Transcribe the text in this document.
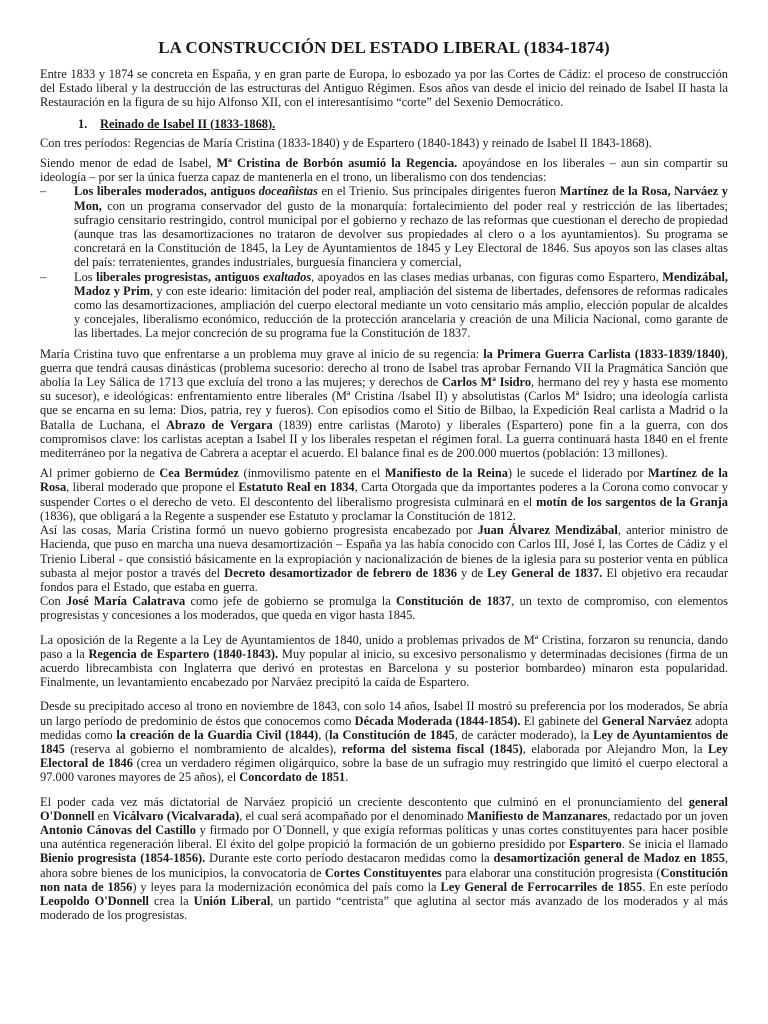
LA CONSTRUCCIÓN DEL ESTADO LIBERAL (1834-1874)

Entre 1833 y 1874 se concreta en España, y en gran parte de Europa, lo esbozado ya por las Cortes de Cádiz: el proceso de construcción del Estado liberal y la destrucción de las estructuras del Antiguo Régimen. Esos años van desde el inicio del reinado de Isabel II hasta la Restauración en la figura de su hijo Alfonso XII, con el interesantísimo “corte” del Sexenio Democrático.

1. Reinado de Isabel II (1833-1868).

Con tres períodos: Regencias de María Cristina (1833-1840) y de Espartero (1840-1843) y reinado de Isabel II 1843-1868).

Siendo menor de edad de Isabel, Mª Cristina de Borbón asumió la Regencia. apoyándose en los liberales – aun sin compartir su ideología – por ser la única fuerza capaz de mantenerla en el trono, un liberalismo con dos tendencias:

– Los liberales moderados, antiguos doceañistas en el Trienio. Sus principales dirigentes fueron Martínez de la Rosa, Narváez y Mon, con un programa conservador del gusto de la monarquía: fortalecimiento del poder real y restricción de las libertades; sufragio censitario restringido, control municipal por el gobierno y rechazo de las reformas que cuestionan el derecho de propiedad (aunque tras las desamortizaciones no trataron de devolver sus propiedades al clero o a los ayuntamientos). Su programa se concretará en la Constitución de 1845, la Ley de Ayuntamientos de 1845 y Ley Electoral de 1846. Sus apoyos son las clases altas del país: terratenientes, grandes industriales, burguesía financiera y comercial,
– Los liberales progresistas, antiguos exaltados, apoyados en las clases medias urbanas, con figuras como Espartero, Mendizábal, Madoz y Prim, y con este ideario: limitación del poder real, ampliación del sistema de libertades, defensores de reformas radicales como las desamortizaciones, ampliación del cuerpo electoral mediante un voto censitario más amplio, elección popular de alcaldes y concejales, liberalismo económico, reducción de la protección arancelaria y creación de una Milicia Nacional, como garante de las libertades. La mejor concreción de su programa fue la Constitución de 1837.

María Cristina tuvo que enfrentarse a un problema muy grave al inicio de su regencia: la Primera Guerra Carlista (1833-1839/1840), guerra que tendrá causas dinásticas (problema sucesorio: derecho al trono de Isabel tras aprobar Fernando VII la Pragmática Sanción que abolía la Ley Sálica de 1713 que excluía del trono a las mujeres; y derechos de Carlos Mª Isidro, hermano del rey y hasta ese momento su sucesor), e ideológicas: enfrentamiento entre liberales (Mª Cristina /Isabel II) y absolutistas (Carlos Mª Isidro; una ideología carlista que se encarna en su lema: Dios, patria, rey y fueros). Con episodios como el Sitio de Bilbao, la Expedición Real carlista a Madrid o la Batalla de Luchana, el Abrazo de Vergara (1839) entre carlistas (Maroto) y liberales (Espartero) pone fin a la guerra, con dos compromisos clave: los carlistas aceptan a Isabel II y los liberales respetan el régimen foral. La guerra continuará hasta 1840 en el frente mediterráneo por la negativa de Cabrera a aceptar el acuerdo. El balance final es de 200.000 muertos (población: 13 millones).

Al primer gobierno de Cea Bermúdez (inmovilismo patente en el Manifiesto de la Reina) le sucede el liderado por Martínez de la Rosa, liberal moderado que propone el Estatuto Real en 1834, Carta Otorgada que da importantes poderes a la Corona como convocar y suspender Cortes o el derecho de veto. El descontento del liberalismo progresista culminará en el motín de los sargentos de la Granja (1836), que obligará a la Regente a suspender ese Estatuto y proclamar la Constitución de 1812.

Así las cosas, María Cristina formó un nuevo gobierno progresista encabezado por Juan Álvarez Mendizábal, anterior ministro de Hacienda, que puso en marcha una nueva desamortización – España ya las había conocido con Carlos III, José I, las Cortes de Cádiz y el Trienio Liberal - que consistió básicamente en la expropiación y nacionalización de bienes de la iglesia para su posterior venta en pública subasta al mejor postor a través del Decreto desamortizador de febrero de 1836 y de Ley General de 1837. El objetivo era recaudar fondos para el Estado, que estaba en guerra.

Con José María Calatrava como jefe de gobierno se promulga la Constitución de 1837, un texto de compromiso, con elementos progresistas y concesiones a los moderados, que queda en vigor hasta 1845.

La oposición de la Regente a la Ley de Ayuntamientos de 1840, unido a problemas privados de Mª Cristina, forzaron su renuncia, dando paso a la Regencia de Espartero (1840-1843). Muy popular al inicio, su excesivo personalismo y determinadas decisiones (firma de un acuerdo librecambista con Inglaterra que derivó en protestas en Barcelona y su posterior bombardeo) minaron esta popularidad. Finalmente, un levantamiento encabezado por Narváez precipitó la caída de Espartero.

Desde su precipitado acceso al trono en noviembre de 1843, con solo 14 años, Isabel II mostró su preferencia por los moderados, Se abría un largo período de predominio de éstos que conocemos como Década Moderada (1844-1854). El gabinete del General Narváez adopta medidas como la creación de la Guardia Civil (1844), (la Constitución de 1845, de carácter moderado), la Ley de Ayuntamientos de 1845 (reserva al gobierno el nombramiento de alcaldes), reforma del sistema fiscal (1845), elaborada por Alejandro Mon, la Ley Electoral de 1846 (crea un verdadero régimen oligárquico, sobre la base de un sufragio muy restringido que limitó el cuerpo electoral a 97.000 varones mayores de 25 años), el Concordato de 1851.

El poder cada vez más dictatorial de Narváez propició un creciente descontento que culminó en el pronunciamiento del general O'Donnell en Vicálvaro (Vicalvarada), el cual será acompañado por el denominado Manifiesto de Manzanares, redactado por un joven Antonio Cánovas del Castillo y firmado por O´Donnell, y que exigía reformas políticas y unas cortes constituyentes para hacer posible una auténtica regeneración liberal. El éxito del golpe propició la formación de un gobierno presidido por Espartero. Se inicia el llamado Bienio progresista (1854-1856). Durante este corto período destacaron medidas como la desamortización general de Madoz en 1855, ahora sobre bienes de los municipios, la convocatoria de Cortes Constituyentes para elaborar una constitución progresista (Constitución non nata de 1856) y leyes para la modernización económica del país como la Ley General de Ferrocarriles de 1855. En este período Leopoldo O'Donnell crea la Unión Liberal, un partido “centrista” que aglutina al sector más avanzado de los moderados y al más moderado de los progresistas.
